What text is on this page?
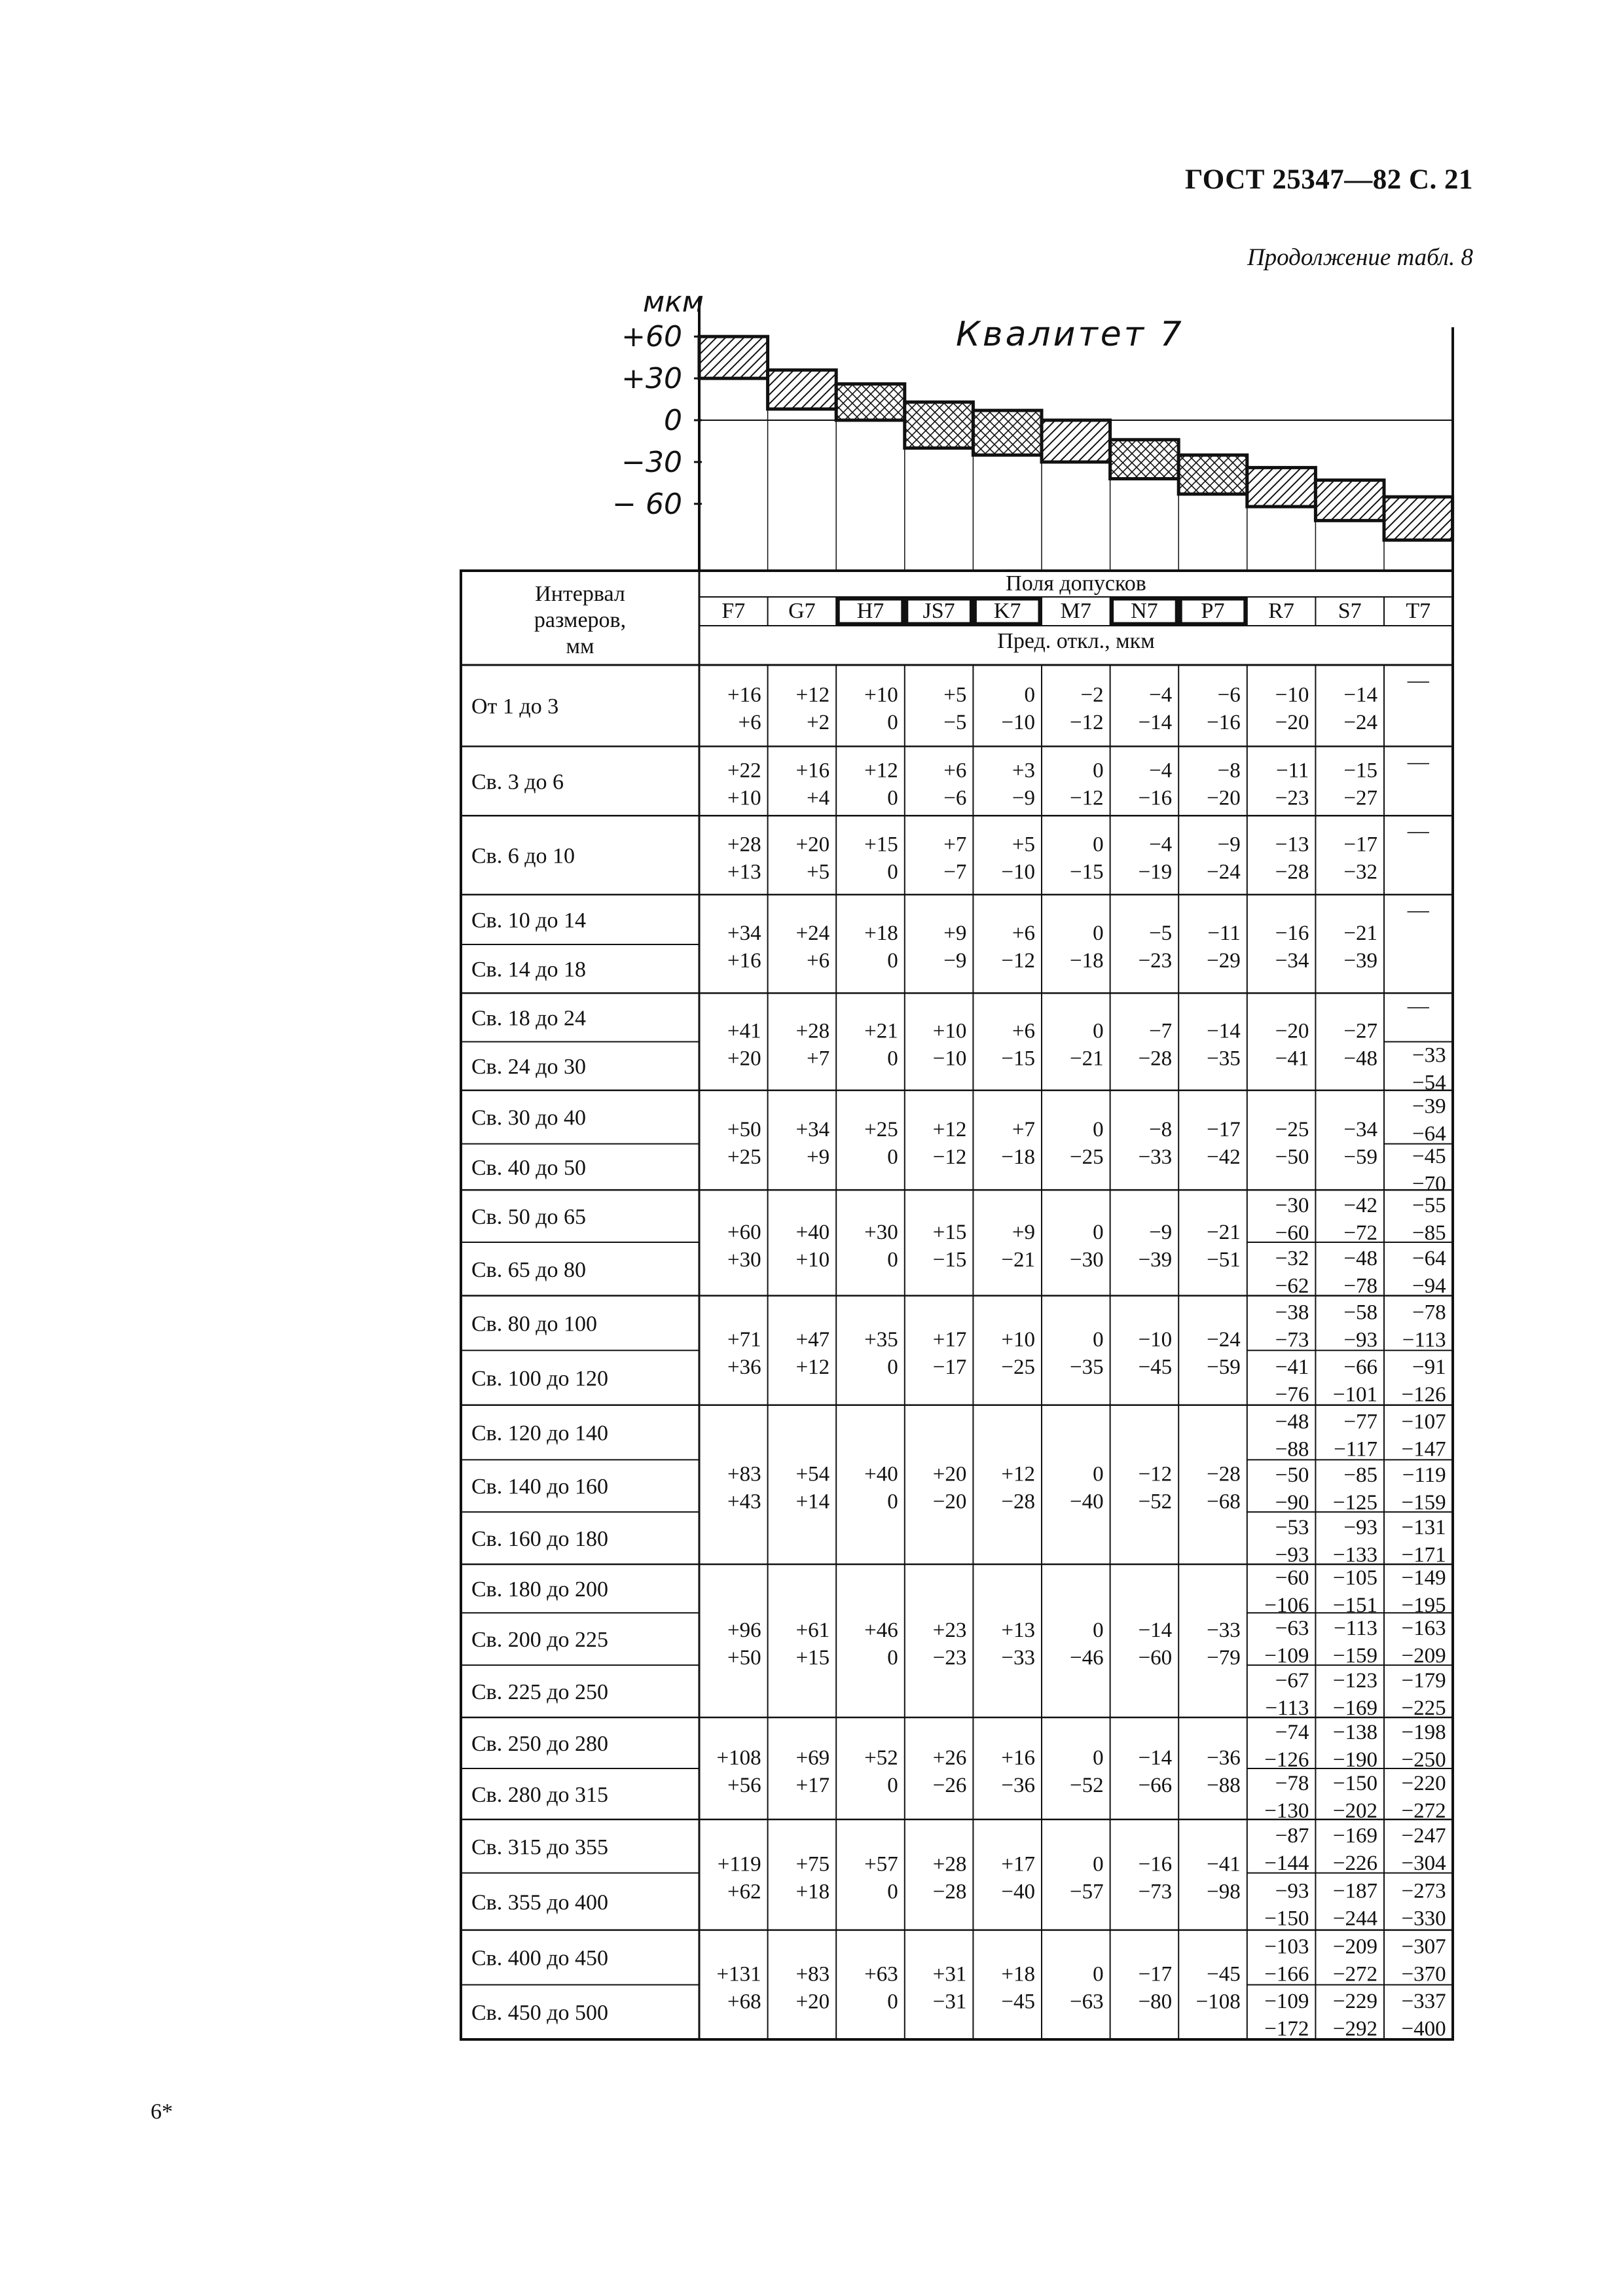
ГОСТ 25347—82 С. 21
Продолжение табл. 8
6*
мкм
+60
+30
0
−30
− 60
Квалитет 7
Интервал
размеров,
мм
Поля допусков
Пред. откл., мкм
F7 G7 H7 JS7 K7 M7 N7 P7 R7 S7 T7
От 1 до 3
Св. 3 до 6
Св. 6 до 10
Св. 10 до 14
Св. 14 до 18
Св. 18 до 24
Св. 24 до 30
Св. 30 до 40
Св. 40 до 50
Св. 50 до 65
Св. 65 до 80
Св. 80 до 100
Св. 100 до 120
Св. 120 до 140
Св. 140 до 160
Св. 160 до 180
Св. 180 до 200
Св. 200 до 225
Св. 225 до 250
Св. 250 до 280
Св. 280 до 315
Св. 315 до 355
Св. 355 до 400
Св. 400 до 450
Св. 450 до 500
+16
+6
+12
+2
+10
0
+5
−5
0
−10
−2
−12
−4
−14
−6
−16
−10
−20
−14
−24
—
+22
+10
+16
+4
+12
0
+6
−6
+3
−9
0
−12
−4
−16
−8
−20
−11
−23
−15
−27
—
+28
+13
+20
+5
+15
0
+7
−7
+5
−10
0
−15
−4
−19
−9
−24
−13
−28
−17
−32
—
+34
+16
+24
+6
+18
0
+9
−9
+6
−12
0
−18
−5
−23
−11
−29
−16
−34
−21
−39
—
+41
+20
+28
+7
+21
0
+10
−10
+6
−15
0
−21
−7
−28
−14
−35
−20
−41
−27
−48
—
−33
−54
+50
+25
+34
+9
+25
0
+12
−12
+7
−18
0
−25
−8
−33
−17
−42
−25
−50
−34
−59
−39
−64
−45
−70
+60
+30
+40
+10
+30
0
+15
−15
+9
−21
0
−30
−9
−39
−21
−51
−30
−60
−32
−62
−42
−72
−48
−78
−55
−85
−64
−94
+71
+36
+47
+12
+35
0
+17
−17
+10
−25
0
−35
−10
−45
−24
−59
−38
−73
−41
−76
−58
−93
−66
−101
−78
−113
−91
−126
+83
+43
+54
+14
+40
0
+20
−20
+12
−28
0
−40
−12
−52
−28
−68
−48
−88
−50
−90
−53
−93
−77
−117
−85
−125
−93
−133
−107
−147
−119
−159
−131
−171
+96
+50
+61
+15
+46
0
+23
−23
+13
−33
0
−46
−14
−60
−33
−79
−60
−106
−63
−109
−67
−113
−105
−151
−113
−159
−123
−169
−149
−195
−163
−209
−179
−225
+108
+56
+69
+17
+52
0
+26
−26
+16
−36
0
−52
−14
−66
−36
−88
−74
−126
−78
−130
−138
−190
−150
−202
−198
−250
−220
−272
+119
+62
+75
+18
+57
0
+28
−28
+17
−40
0
−57
−16
−73
−41
−98
−87
−144
−93
−150
−169
−226
−187
−244
−247
−304
−273
−330
+131
+68
+83
+20
+63
0
+31
−31
+18
−45
0
−63
−17
−80
−45
−108
−103
−166
−109
−172
−209
−272
−229
−292
−307
−370
−337
−400
